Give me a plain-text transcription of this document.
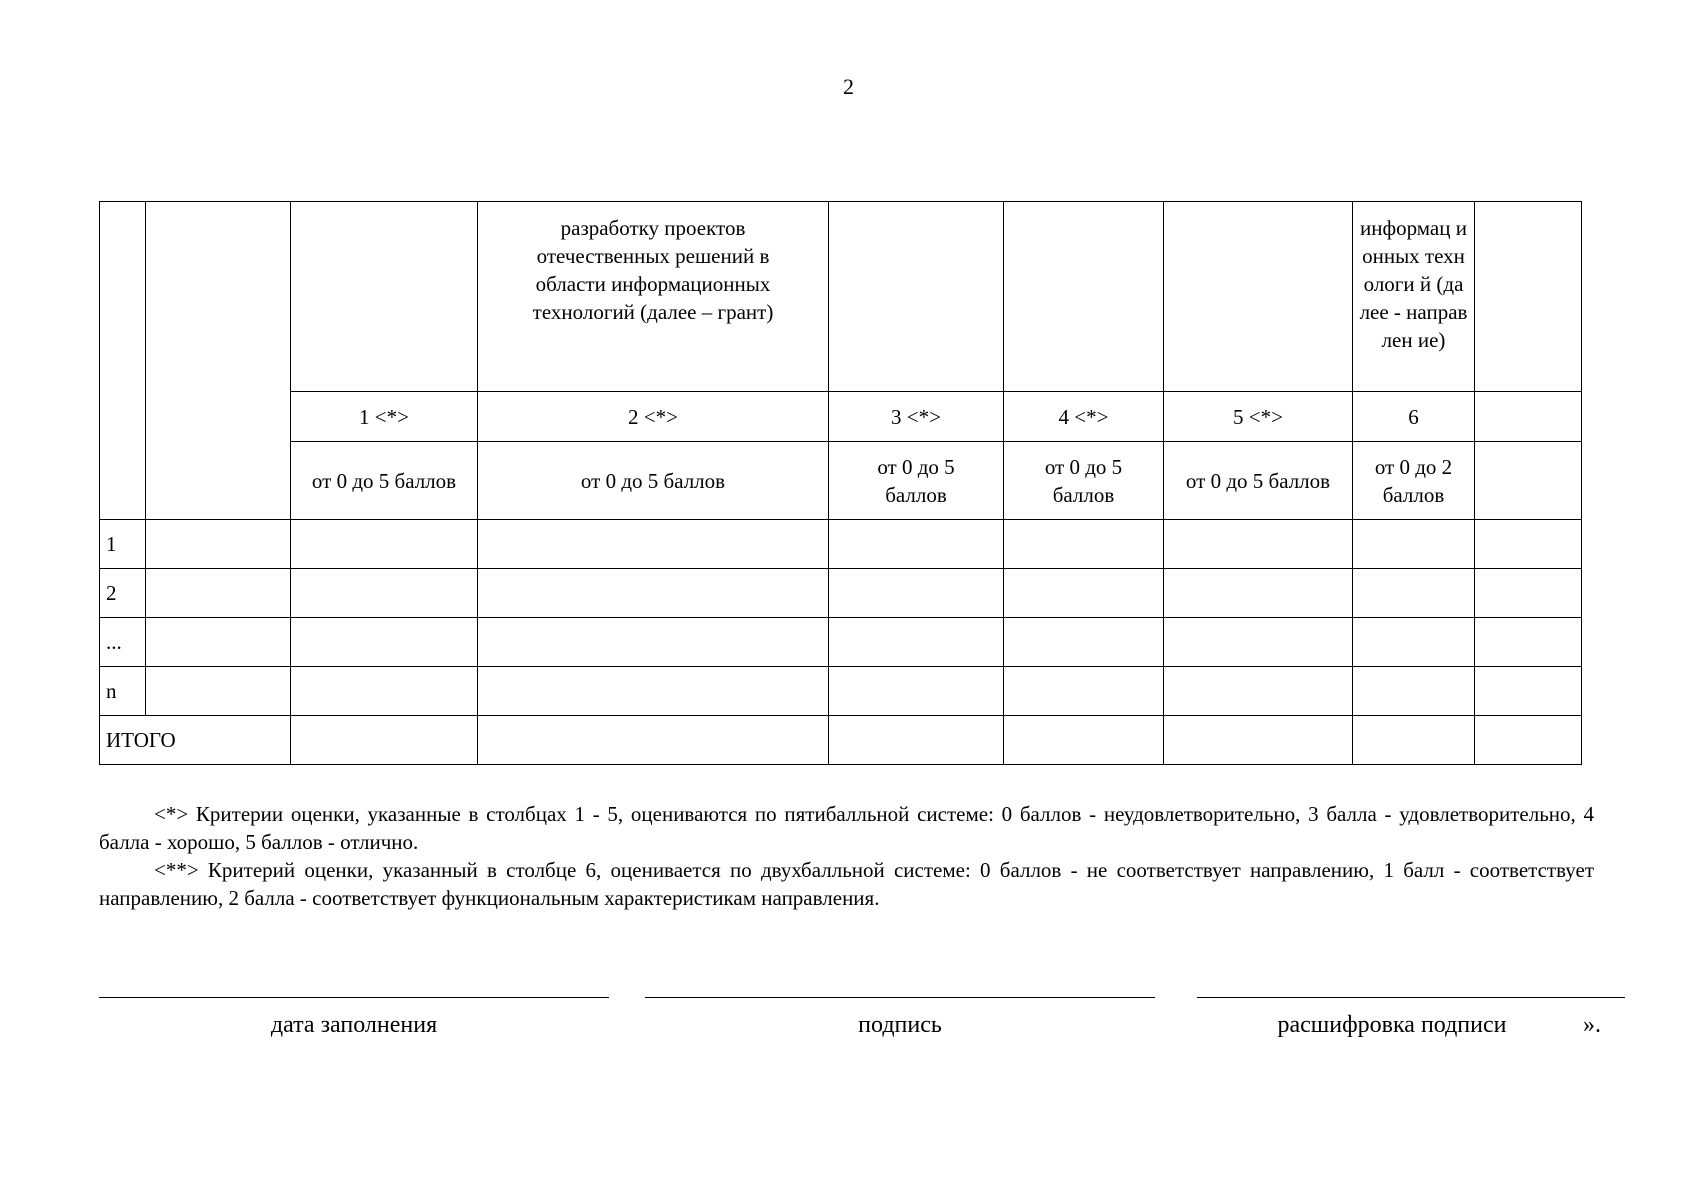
2
			разработку проектов отечественных решений в области информационных технологий (далее – грант)				информац ионных технологи й (далее - направлен ие)	
		1 <*>	2 <*>	3 <*>	4 <*>	5 <*>	6	
		от 0 до 5 баллов	от 0 до 5 баллов	от 0 до 5 баллов	от 0 до 5 баллов	от 0 до 5 баллов	от 0 до 2 баллов	
1								
2								
...								
n								
ИТОГО								

<*> Критерии оценки, указанные в столбцах 1 - 5, оцениваются по пятибалльной системе: 0 баллов - неудовлетворительно, 3 балла - удовлетворительно, 4 балла - хорошо, 5 баллов - отлично.

<**> Критерий оценки, указанный в столбце 6, оценивается по двухбалльной системе: 0 баллов - не соответствует направлению, 1 балл - соответствует направлению, 2 балла - соответствует функциональным характеристикам направления.

дата заполнения	подпись	расшифровка подписи	».
